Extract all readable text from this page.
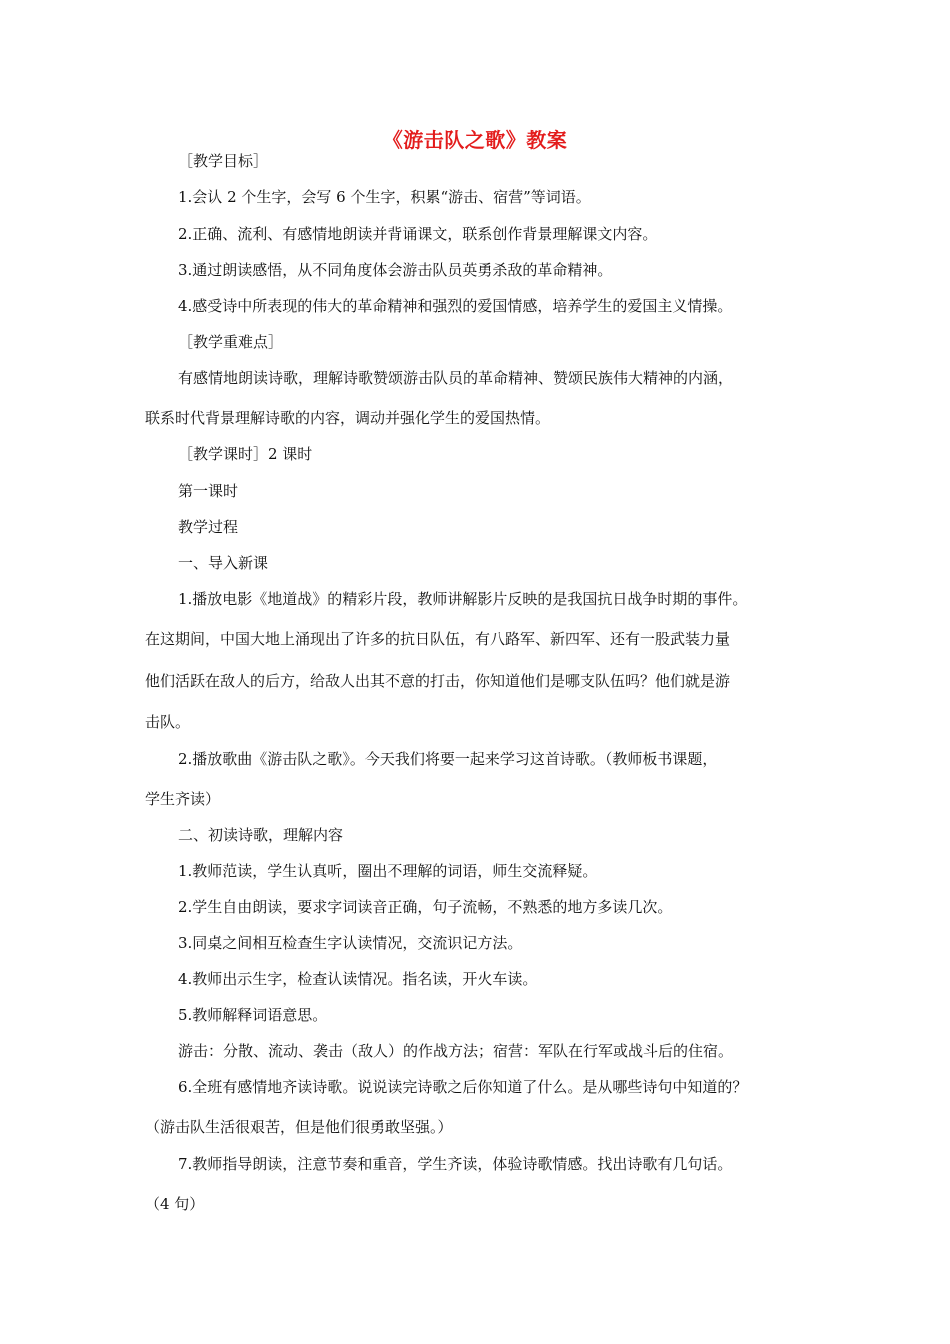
《游击队之歌》教案
［教学目标］
1.会认 2 个生字，会写 6 个生字，积累“游击、宿营”等词语。
2.正确、流利、有感情地朗读并背诵课文，联系创作背景理解课文内容。
3.通过朗读感悟，从不同角度体会游击队员英勇杀敌的革命精神。
4.感受诗中所表现的伟大的革命精神和强烈的爱国情感，培养学生的爱国主义情操。
［教学重难点］
有感情地朗读诗歌，理解诗歌赞颂游击队员的革命精神、赞颂民族伟大精神的内涵，
联系时代背景理解诗歌的内容，调动并强化学生的爱国热情。
［教学课时］2 课时
第一课时
教学过程
一、导入新课
1.播放电影《地道战》的精彩片段，教师讲解影片反映的是我国抗日战争时期的事件。
在这期间，中国大地上涌现出了许多的抗日队伍，有八路军、新四军、还有一股武装力量
他们活跃在敌人的后方，给敌人出其不意的打击，你知道他们是哪支队伍吗？他们就是游
击队。
2.播放歌曲《游击队之歌》。今天我们将要一起来学习这首诗歌。（教师板书课题，
学生齐读）
二、初读诗歌，理解内容
1.教师范读，学生认真听，圈出不理解的词语，师生交流释疑。
2.学生自由朗读，要求字词读音正确，句子流畅，不熟悉的地方多读几次。
3.同桌之间相互检查生字认读情况，交流识记方法。
4.教师出示生字，检查认读情况。指名读，开火车读。
5.教师解释词语意思。
游击：分散、流动、袭击（敌人）的作战方法；宿营：军队在行军或战斗后的住宿。
6.全班有感情地齐读诗歌。说说读完诗歌之后你知道了什么。是从哪些诗句中知道的？
（游击队生活很艰苦，但是他们很勇敢坚强。）
7.教师指导朗读，注意节奏和重音，学生齐读，体验诗歌情感。找出诗歌有几句话。
（4 句）
